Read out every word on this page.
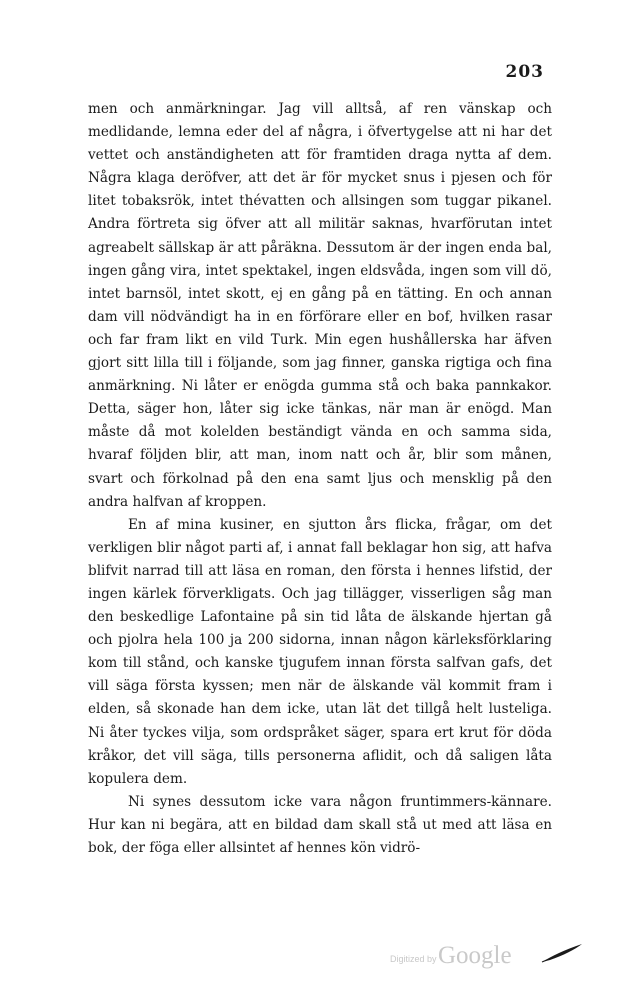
203

men och anmärkningar. Jag vill alltså, af ren vänskap och medlidande, lemna eder del af några, i öfvertygelse att ni har det vettet och anständigheten att för framtiden draga nytta af dem. Några klaga deröfver, att det är för mycket snus i pjesen och för litet tobaksrök, intet thévatten och allsingen som tuggar pikanel. Andra förtreta sig öfver att all militär saknas, hvarförutan intet agreabelt sällskap är att påräkna. Dessutom är der ingen enda bal, ingen gång vira, intet spektakel, ingen eldsvåda, ingen som vill dö, intet barnsöl, intet skott, ej en gång på en tätting. En och annan dam vill nödvändigt ha in en förförare eller en bof, hvilken rasar och far fram likt en vild Turk. Min egen hushållerska har äfven gjort sitt lilla till i följande, som jag finner, ganska rigtiga och fina anmärkning. Ni låter er enögda gumma stå och baka pannkakor. Detta, säger hon, låter sig icke tänkas, när man är enögd. Man måste då mot kolelden beständigt vända en och samma sida, hvaraf följden blir, att man, inom natt och år, blir som månen, svart och förkolnad på den ena samt ljus och mensklig på den andra halfvan af kroppen.

En af mina kusiner, en sjutton års flicka, frågar, om det verkligen blir något parti af, i annat fall beklagar hon sig, att hafva blifvit narrad till att läsa en roman, den första i hennes lifstid, der ingen kärlek förverkligats. Och jag tillägger, visserligen såg man den beskedlige Lafontaine på sin tid låta de älskande hjertan gå och pjolra hela 100 ja 200 sidorna, innan någon kärleksförklaring kom till stånd, och kanske tjugufem innan första salfvan gafs, det vill säga första kyssen; men när de älskande väl kommit fram i elden, så skonade han dem icke, utan lät det tillgå helt lusteliga. Ni åter tyckes vilja, som ordspråket säger, spara ert krut för döda kråkor, det vill säga, tills personerna aflidit, och då saligen låta kopulera dem.

Ni synes dessutom icke vara någon fruntimmers-kännare. Hur kan ni begära, att en bildad dam skall stå ut med att läsa en bok, der föga eller allsintet af hennes kön vidrö-

Digitized by Google
